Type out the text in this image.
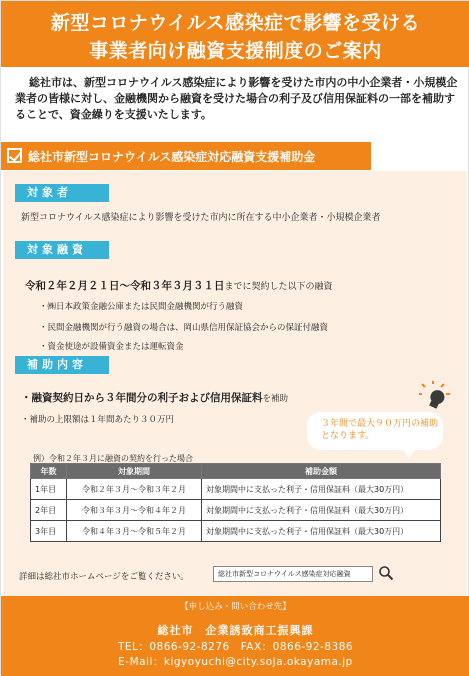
新型コロナウイルス感染症で影響を受ける
事業者向け融資支援制度のご案内
総社市は、新型コロナウイルス感染症により影響を受けた市内の中小企業者・小規模企業者の皆様に対し、金融機関から融資を受けた場合の利子及び信用保証料の一部を補助することで、資金繰りを支援いたします。
総社市新型コロナウイルス感染症対応融資支援補助金
対象者
新型コロナウイルス感染症により影響を受けた市内に所在する中小企業者・小規模企業者
対象融資
令和２年２月２１日～令和３年３月３１日までに契約した以下の融資
・ ㈱日本政策金融公庫または民間金融機関が行う融資
・ 民間金融機関が行う融資の場合は、岡山県信用保証協会からの保証付融資
・ 資金使途が設備資金または運転資金
補助内容
・融資契約日から３年間分の利子および信用保証料を補助
・補助の上限額は１年間あたり３０万円	３年間で最大９０万円の補助となります。
例）令和２年３月に融資の契約を行った場合
年数	対象期間	補助金額
1年目	令和２年３月～令和３年２月	対象期間中に支払った利子・信用保証料（最大30万円）
2年目	令和３年３月～令和４年２月	対象期間中に支払った利子・信用保証料（最大30万円）
3年目	令和４年３月～令和５年２月	対象期間中に支払った利子・信用保証料（最大30万円）
詳細は総社市ホームページをご覧ください。	総社市新型コロナウイルス感染症対応融資
【申し込み・問い合わせ先】
総社市　企業誘致商工振興課
TEL：0866-92-8276　FAX：0866-92-8386
E-Mail：kigyoyuchi@city.soja.okayama.jp
